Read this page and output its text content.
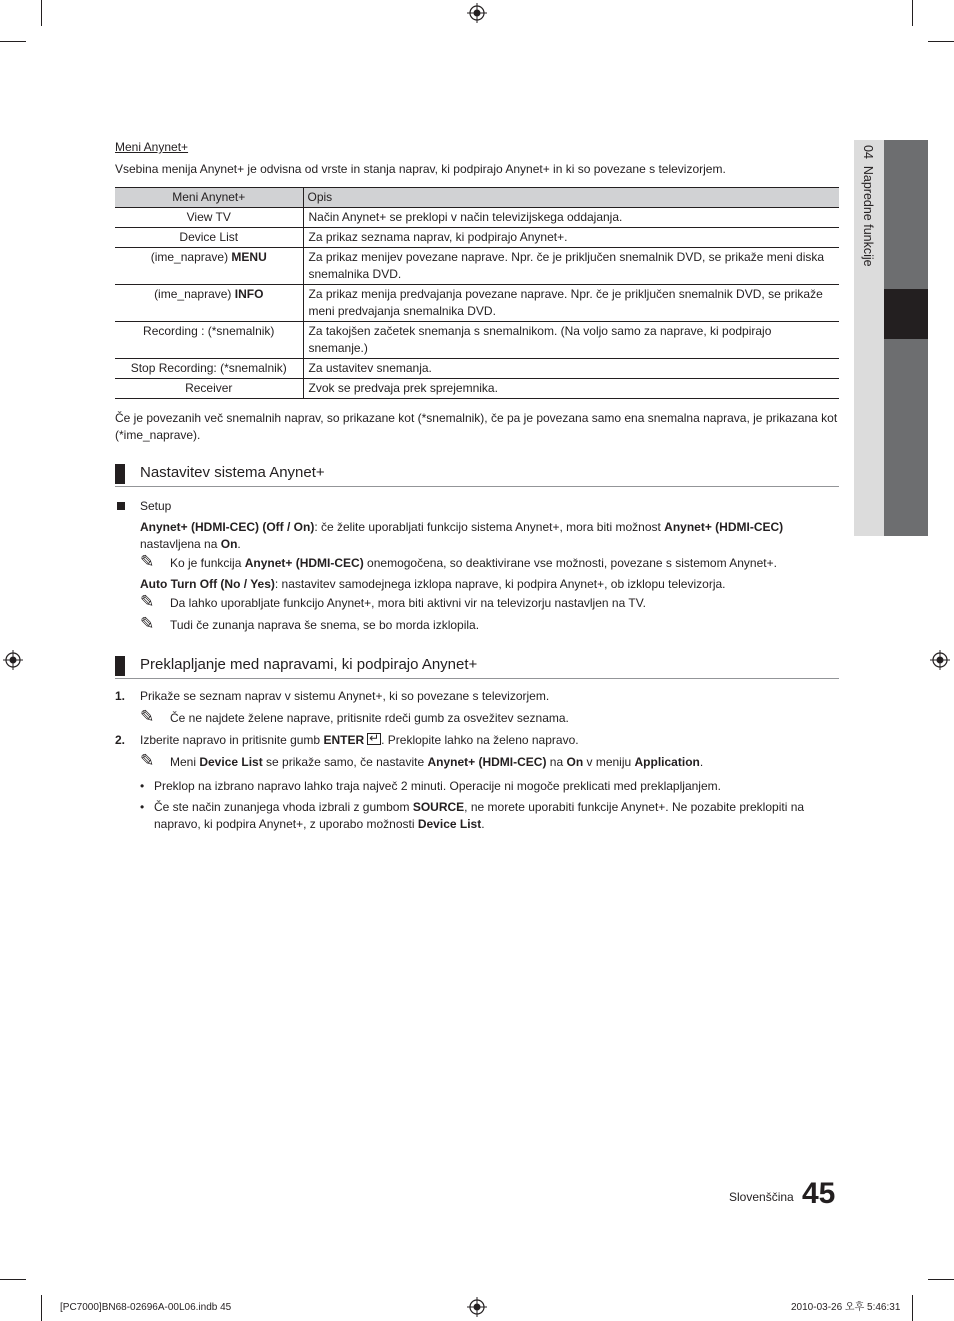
04  Napredne funkcije
Meni Anynet+
Vsebina menija Anynet+ je odvisna od vrste in stanja naprav, ki podpirajo Anynet+ in ki so povezane s televizorjem.
Meni Anynet+	Opis
View TV	Način Anynet+ se preklopi v način televizijskega oddajanja.
Device List	Za prikaz seznama naprav, ki podpirajo Anynet+.
(ime_naprave) MENU	Za prikaz menijev povezane naprave. Npr. če je priključen snemalnik DVD, se prikaže meni diska snemalnika DVD.
(ime_naprave) INFO	Za prikaz menija predvajanja povezane naprave. Npr. če je priključen snemalnik DVD, se prikaže meni predvajanja snemalnika DVD.
Recording : (*snemalnik)	Za takojšen začetek snemanja s snemalnikom. (Na voljo samo za naprave, ki podpirajo snemanje.)
Stop Recording: (*snemalnik)	Za ustavitev snemanja.
Receiver	Zvok se predvaja prek sprejemnika.
Če je povezanih več snemalnih naprav, so prikazane kot (*snemalnik), če pa je povezana samo ena snemalna naprava, je prikazana kot (*ime_naprave).
Nastavitev sistema Anynet+
Setup
Anynet+ (HDMI-CEC) (Off / On): če želite uporabljati funkcijo sistema Anynet+, mora biti možnost Anynet+ (HDMI-CEC)
nastavljena na On.
✎ Ko je funkcija Anynet+ (HDMI-CEC) onemogočena, so deaktivirane vse možnosti, povezane s sistemom Anynet+.
Auto Turn Off (No / Yes): nastavitev samodejnega izklopa naprave, ki podpira Anynet+, ob izklopu televizorja.
✎ Da lahko uporabljate funkcijo Anynet+, mora biti aktivni vir na televizorju nastavljen na TV.
✎ Tudi če zunanja naprava še snema, se bo morda izklopila.
Preklapljanje med napravami, ki podpirajo Anynet+
1. Prikaže se seznam naprav v sistemu Anynet+, ki so povezane s televizorjem.
✎ Če ne najdete želene naprave, pritisnite rdeči gumb za osvežitev seznama.
2. Izberite napravo in pritisnite gumb ENTER ↵ . Preklopite lahko na želeno napravo.
✎ Meni Device List se prikaže samo, če nastavite Anynet+ (HDMI-CEC) na On v meniju Application.
• Preklop na izbrano napravo lahko traja največ 2 minuti. Operacije ni mogoče preklicati med preklapljanjem.
• Če ste način zunanjega vhoda izbrali z gumbom SOURCE, ne morete uporabiti funkcije Anynet+. Ne pozabite preklopiti na napravo, ki podpira Anynet+, z uporabo možnosti Device List.
Slovenščina 45
[PC7000]BN68-02696A-00L06.indb 45	2010-03-26 오후 5:46:31
